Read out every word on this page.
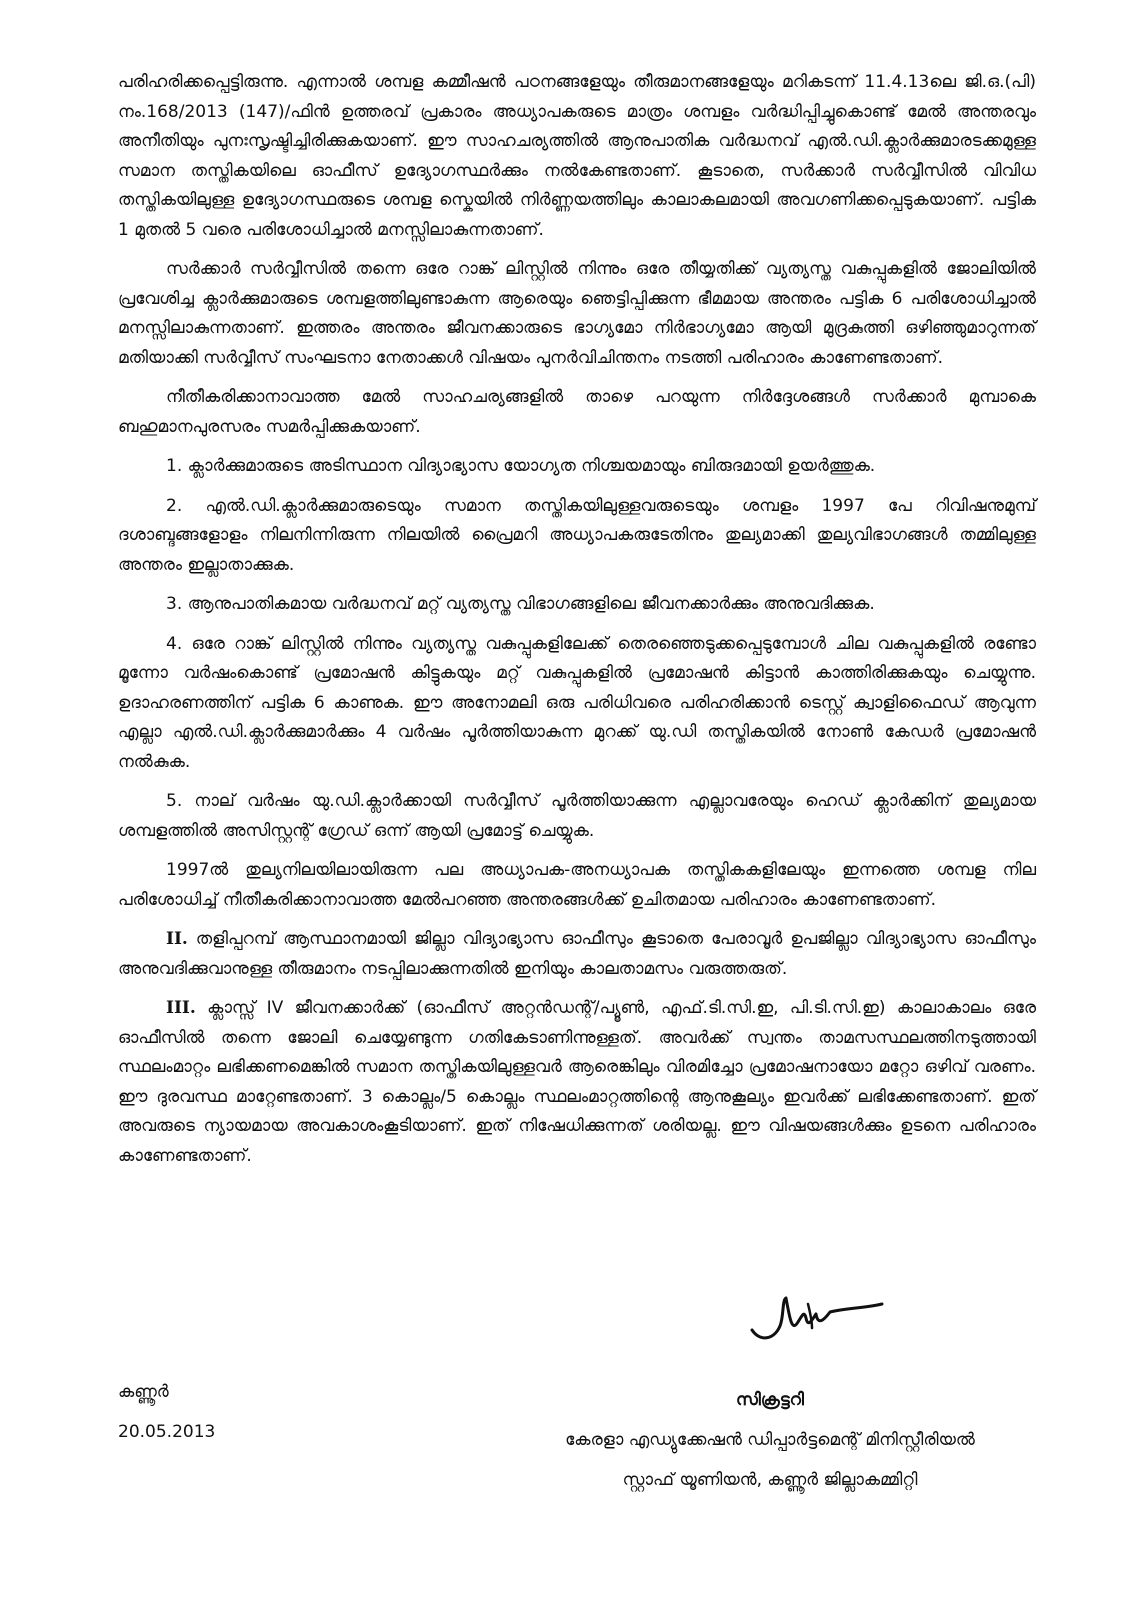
പരിഹരിക്കപ്പെട്ടിരുന്നു. എന്നാൽ ശമ്പള കമ്മീഷൻ പഠനങ്ങളേയും തീരുമാനങ്ങളേയും മറികടന്ന് 11.4.13ലെ ജി.ഒ.(പി) നം.168/2013 (147)/ഫിൻ ഉത്തരവ് പ്രകാരം അധ്യാപകരുടെ മാത്രം ശമ്പളം വർദ്ധിപ്പിച്ചുകൊണ്ട് മേൽ അന്തരവും അനീതിയും പുനഃസൃഷ്ടിച്ചിരിക്കുകയാണ്. ഈ സാഹചര്യത്തിൽ ആനുപാതിക വർദ്ധനവ് എൽ.ഡി.ക്ലാർക്കുമാരടക്കമുള്ള സമാന തസ്തികയിലെ ഓഫീസ് ഉദ്യോഗസ്ഥർക്കും നൽകേണ്ടതാണ്. കൂടാതെ, സർക്കാർ സർവ്വീസിൽ വിവിധ തസ്തികയിലുള്ള ഉദ്യോഗസ്ഥരുടെ ശമ്പള സ്കെയിൽ നിർണ്ണയത്തിലും കാലാകലമായി അവഗണിക്കപ്പെടുകയാണ്. പട്ടിക 1 മുതൽ 5 വരെ പരിശോധിച്ചാൽ മനസ്സിലാകുന്നതാണ്.

സർക്കാർ സർവ്വീസിൽ തന്നെ ഒരേ റാങ്ക് ലിസ്റ്റിൽ നിന്നും ഒരേ തീയ്യതിക്ക് വ്യത്യസ്ത വകുപ്പുകളിൽ ജോലിയിൽ പ്രവേശിച്ച ക്ലാർക്കുമാരുടെ ശമ്പളത്തിലുണ്ടാകുന്ന ആരെയും ഞെട്ടിപ്പിക്കുന്ന ഭീമമായ അന്തരം പട്ടിക 6 പരിശോധിച്ചാൽ മനസ്സിലാകുന്നതാണ്. ഇത്തരം അന്തരം ജീവനക്കാരുടെ ഭാഗ്യമോ നിർഭാഗ്യമോ ആയി മുദ്രകുത്തി ഒഴിഞ്ഞുമാറുന്നത് മതിയാക്കി സർവ്വീസ് സംഘടനാ നേതാക്കൾ വിഷയം പുനർവിചിന്തനം നടത്തി പരിഹാരം കാണേണ്ടതാണ്.

നീതീകരിക്കാനാവാത്ത മേൽ സാഹചര്യങ്ങളിൽ താഴെ പറയുന്ന നിർദ്ദേശങ്ങൾ സർക്കാർ മുമ്പാകെ ബഹുമാനപുരസരം സമർപ്പിക്കുകയാണ്.

1. ക്ലാർക്കുമാരുടെ അടിസ്ഥാന വിദ്യാഭ്യാസ യോഗ്യത നിശ്ചയമായും ബിരുദമായി ഉയർത്തുക.

2. എൽ.ഡി.ക്ലാർക്കുമാരുടെയും സമാന തസ്തികയിലുള്ളവരുടെയും ശമ്പളം 1997 പേ റിവിഷനുമുമ്പ് ദശാബ്ദങ്ങളോളം നിലനിന്നിരുന്ന നിലയിൽ പ്രൈമറി അധ്യാപകരുടേതിനും തുല്യമാക്കി തുല്യവിഭാഗങ്ങൾ തമ്മിലുള്ള അന്തരം ഇല്ലാതാക്കുക.

3. ആനുപാതികമായ വർദ്ധനവ് മറ്റ് വ്യത്യസ്ത വിഭാഗങ്ങളിലെ ജീവനക്കാർക്കും അനുവദിക്കുക.

4. ഒരേ റാങ്ക് ലിസ്റ്റിൽ നിന്നും വ്യത്യസ്ത വകുപ്പുകളിലേക്ക് തെരഞ്ഞെടുക്കപ്പെടുമ്പോൾ ചില വകുപ്പുകളിൽ രണ്ടോ മൂന്നോ വർഷംകൊണ്ട് പ്രമോഷൻ കിട്ടുകയും മറ്റ് വകുപ്പുകളിൽ പ്രമോഷൻ കിട്ടാൻ കാത്തിരിക്കുകയും ചെയ്യുന്നു. ഉദാഹരണത്തിന് പട്ടിക 6 കാണുക. ഈ അനോമലി ഒരു പരിധിവരെ പരിഹരിക്കാൻ ടെസ്റ്റ് ക്വാളിഫൈഡ് ആവുന്ന എല്ലാ എൽ.ഡി.ക്ലാർക്കുമാർക്കും 4 വർഷം പൂർത്തിയാകുന്ന മുറക്ക് യു.ഡി തസ്തികയിൽ നോൺ കേഡർ പ്രമോഷൻ നൽകുക.

5. നാല് വർഷം യു.ഡി.ക്ലാർക്കായി സർവ്വീസ് പൂർത്തിയാക്കുന്ന എല്ലാവരേയും ഹെഡ് ക്ലാർക്കിന് തുല്യമായ ശമ്പളത്തിൽ അസിസ്റ്റന്റ് ഗ്രേഡ് ഒന്ന് ആയി പ്രമോട്ട് ചെയ്യുക.

1997ൽ തുല്യനിലയിലായിരുന്ന പല അധ്യാപക-അനധ്യാപക തസ്തികകളിലേയും ഇന്നത്തെ ശമ്പള നില പരിശോധിച്ച് നീതീകരിക്കാനാവാത്ത മേൽപറഞ്ഞ അന്തരങ്ങൾക്ക് ഉചിതമായ പരിഹാരം കാണേണ്ടതാണ്.

II. തളിപ്പറമ്പ് ആസ്ഥാനമായി ജില്ലാ വിദ്യാഭ്യാസ ഓഫീസും കൂടാതെ പേരാവൂർ ഉപജില്ലാ വിദ്യാഭ്യാസ ഓഫീസും അനുവദിക്കുവാനുള്ള തീരുമാനം നടപ്പിലാക്കുന്നതിൽ ഇനിയും കാലതാമസം വരുത്തരുത്.

III. ക്ലാസ്സ് IV ജീവനക്കാർക്ക് (ഓഫീസ് അറ്റൻഡന്റ്/പ്യൂൺ, എഫ്.ടി.സി.ഇ, പി.ടി.സി.ഇ) കാലാകാലം ഒരേ ഓഫീസിൽ തന്നെ ജോലി ചെയ്യേണ്ടുന്ന ഗതികേടാണിന്നുള്ളത്. അവർക്ക് സ്വന്തം താമസസ്ഥലത്തിനടുത്തായി സ്ഥലംമാറ്റം ലഭിക്കണമെങ്കിൽ സമാന തസ്തികയിലുള്ളവർ ആരെങ്കിലും വിരമിച്ചോ പ്രമോഷനായോ മറ്റോ ഒഴിവ് വരണം. ഈ ദുരവസ്ഥ മാറ്റേണ്ടതാണ്. 3 കൊല്ലം/5 കൊല്ലം സ്ഥലംമാറ്റത്തിന്റെ ആനുകൂല്യം ഇവർക്ക് ലഭിക്കേണ്ടതാണ്. ഇത് അവരുടെ ന്യായമായ അവകാശംകൂടിയാണ്. ഇത് നിഷേധിക്കുന്നത് ശരിയല്ല. ഈ വിഷയങ്ങൾക്കും ഉടനെ പരിഹാരം കാണേണ്ടതാണ്.

കണ്ണൂർ
20.05.2013
സിക്രട്ടറി
കേരളാ എഡ്യുക്കേഷൻ ഡിപ്പാർട്ടമെന്റ് മിനിസ്റ്റീരിയൽ
സ്റ്റാഫ് യൂണിയൻ, കണ്ണൂർ ജില്ലാകമ്മിറ്റി
